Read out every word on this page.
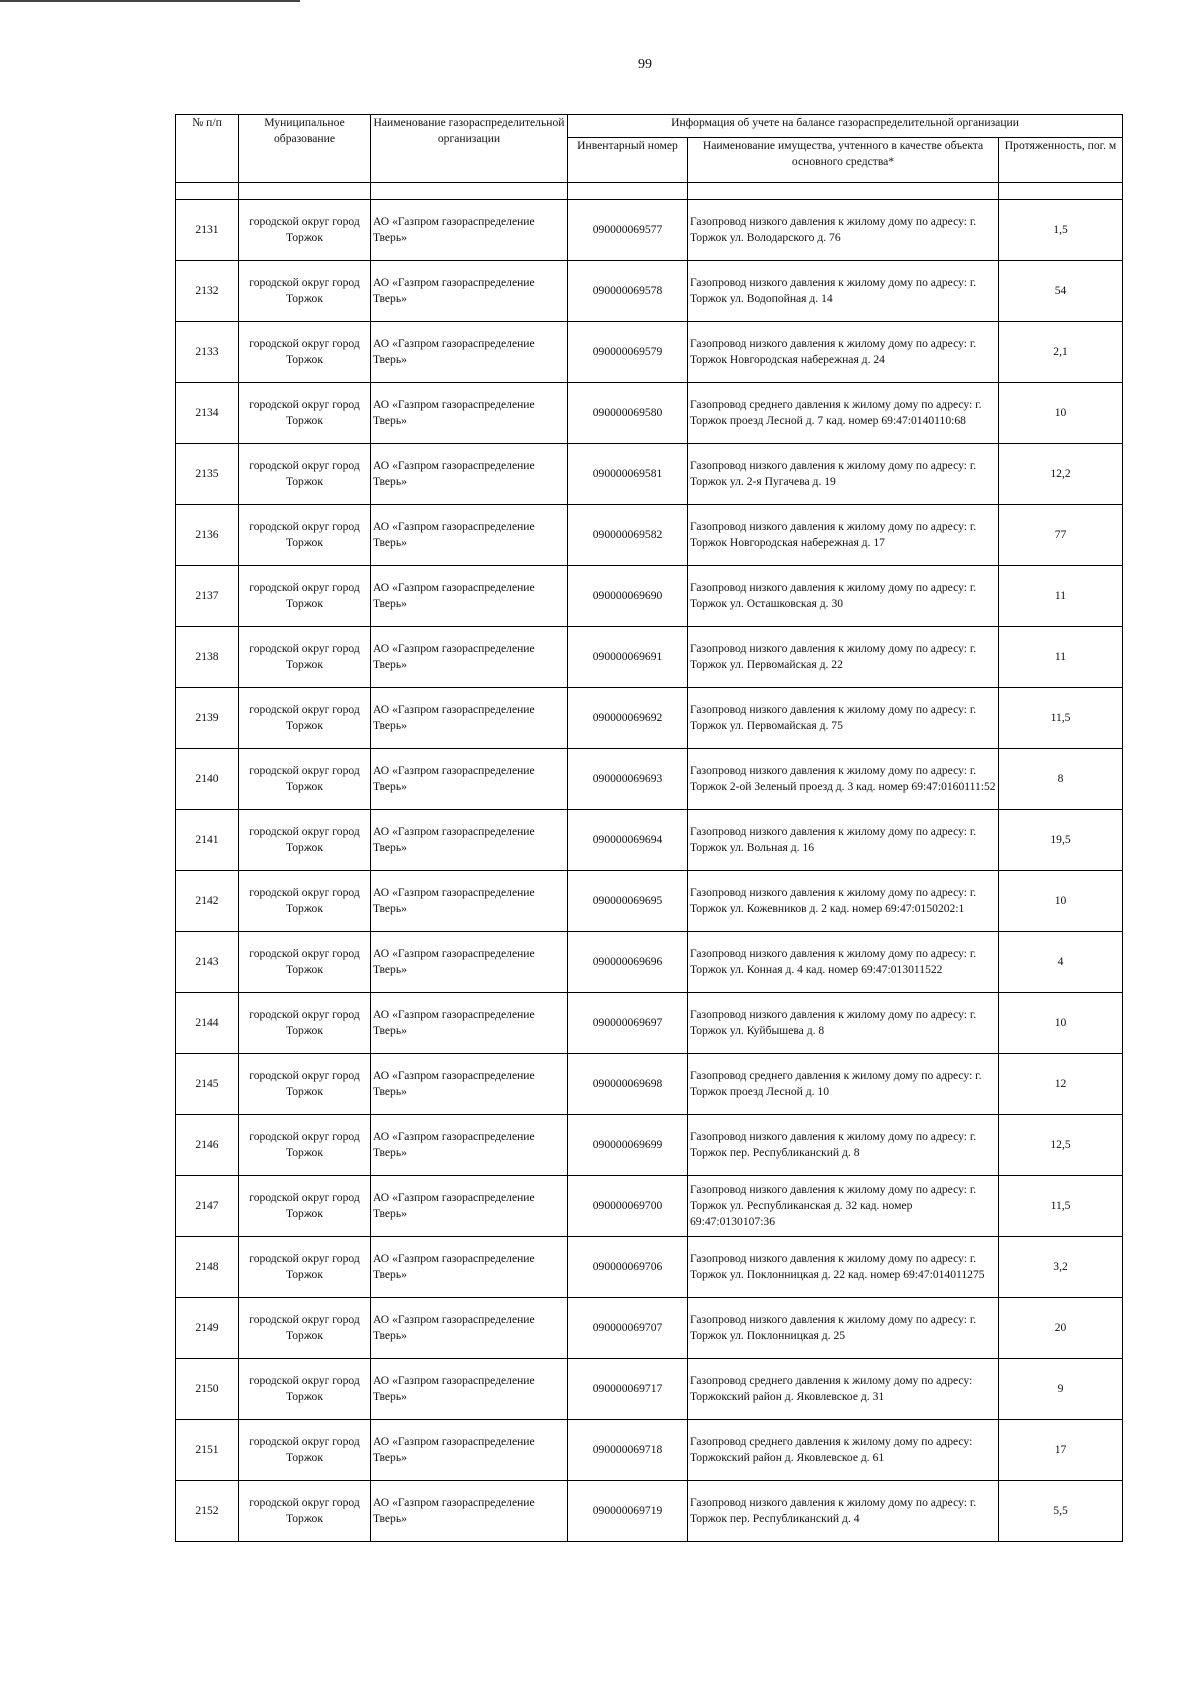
99
№ п/п	Муниципальное образование	Наименование газораспределительной организации	Информация об учете на балансе газораспределительной организации		
			Инвентарный номер	Наименование имущества, учтенного в качестве объекта основного средства*	Протяженность, пог. м

2131	городской округ город Торжок	АО «Газпром газораспределение Тверь»	090000069577	Газопровод низкого давления к жилому дому по адресу: г. Торжок ул. Володарского д. 76	1,5
2132	городской округ город Торжок	АО «Газпром газораспределение Тверь»	090000069578	Газопровод низкого давления к жилому дому по адресу: г. Торжок ул. Водопойная д. 14	54
2133	городской округ город Торжок	АО «Газпром газораспределение Тверь»	090000069579	Газопровод низкого давления к жилому дому по адресу: г. Торжок Новгородская набережная д. 24	2,1
2134	городской округ город Торжок	АО «Газпром газораспределение Тверь»	090000069580	Газопровод среднего давления к жилому дому по адресу: г. Торжок проезд Лесной д. 7 кад. номер 69:47:0140110:68	10
2135	городской округ город Торжок	АО «Газпром газораспределение Тверь»	090000069581	Газопровод низкого давления к жилому дому по адресу: г. Торжок ул. 2-я Пугачева д. 19	12,2
2136	городской округ город Торжок	АО «Газпром газораспределение Тверь»	090000069582	Газопровод низкого давления к жилому дому по адресу: г. Торжок Новгородская набережная д. 17	77
2137	городской округ город Торжок	АО «Газпром газораспределение Тверь»	090000069690	Газопровод низкого давления к жилому дому по адресу: г. Торжок ул. Осташковская д. 30	11
2138	городской округ город Торжок	АО «Газпром газораспределение Тверь»	090000069691	Газопровод низкого давления к жилому дому по адресу: г. Торжок ул. Первомайская д. 22	11
2139	городской округ город Торжок	АО «Газпром газораспределение Тверь»	090000069692	Газопровод низкого давления к жилому дому по адресу: г. Торжок ул. Первомайская д. 75	11,5
2140	городской округ город Торжок	АО «Газпром газораспределение Тверь»	090000069693	Газопровод низкого давления к жилому дому по адресу: г. Торжок 2-ой Зеленый проезд д. 3 кад. номер 69:47:0160111:52	8
2141	городской округ город Торжок	АО «Газпром газораспределение Тверь»	090000069694	Газопровод низкого давления к жилому дому по адресу: г. Торжок ул. Вольная д. 16	19,5
2142	городской округ город Торжок	АО «Газпром газораспределение Тверь»	090000069695	Газопровод низкого давления к жилому дому по адресу: г. Торжок ул. Кожевников д. 2 кад. номер 69:47:0150202:1	10
2143	городской округ город Торжок	АО «Газпром газораспределение Тверь»	090000069696	Газопровод низкого давления к жилому дому по адресу: г. Торжок ул. Конная д. 4 кад. номер 69:47:013011522	4
2144	городской округ город Торжок	АО «Газпром газораспределение Тверь»	090000069697	Газопровод низкого давления к жилому дому по адресу: г. Торжок ул. Куйбышева д. 8	10
2145	городской округ город Торжок	АО «Газпром газораспределение Тверь»	090000069698	Газопровод среднего давления к жилому дому по адресу: г. Торжок проезд Лесной д. 10	12
2146	городской округ город Торжок	АО «Газпром газораспределение Тверь»	090000069699	Газопровод низкого давления к жилому дому по адресу: г. Торжок пер. Республиканский д. 8	12,5
2147	городской округ город Торжок	АО «Газпром газораспределение Тверь»	090000069700	Газопровод низкого давления к жилому дому по адресу: г. Торжок ул. Республиканская д. 32 кад. номер 69:47:0130107:36	11,5
2148	городской округ город Торжок	АО «Газпром газораспределение Тверь»	090000069706	Газопровод низкого давления к жилому дому по адресу: г. Торжок ул. Поклонницкая д. 22 кад. номер 69:47:014011275	3,2
2149	городской округ город Торжок	АО «Газпром газораспределение Тверь»	090000069707	Газопровод низкого давления к жилому дому по адресу: г. Торжок ул. Поклонницкая д. 25	20
2150	городской округ город Торжок	АО «Газпром газораспределение Тверь»	090000069717	Газопровод среднего давления к жилому дому по адресу: Торжокский район д. Яковлевское д. 31	9
2151	городской округ город Торжок	АО «Газпром газораспределение Тверь»	090000069718	Газопровод среднего давления к жилому дому по адресу: Торжокский район д. Яковлевское д. 61	17
2152	городской округ город Торжок	АО «Газпром газораспределение Тверь»	090000069719	Газопровод низкого давления к жилому дому по адресу: г. Торжок пер. Республиканский д. 4	5,5
